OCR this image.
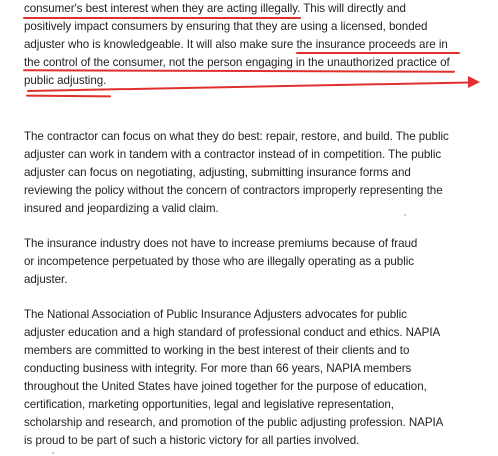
consumer's best interest when they are acting illegally. This will directly and
positively impact consumers by ensuring that they are using a licensed, bonded
adjuster who is knowledgeable. It will also make sure the insurance proceeds are in
the control of the consumer, not the person engaging in the unauthorized practice of
public adjusting.
The contractor can focus on what they do best: repair, restore, and build. The public
adjuster can work in tandem with a contractor instead of in competition. The public
adjuster can focus on negotiating, adjusting, submitting insurance forms and
reviewing the policy without the concern of contractors improperly representing the
insured and jeopardizing a valid claim.
The insurance industry does not have to increase premiums because of fraud
or incompetence perpetuated by those who are illegally operating as a public
adjuster.
The National Association of Public Insurance Adjusters advocates for public
adjuster education and a high standard of professional conduct and ethics. NAPIA
members are committed to working in the best interest of their clients and to
conducting business with integrity. For more than 66 years, NAPIA members
throughout the United States have joined together for the purpose of education,
certification, marketing opportunities, legal and legislative representation,
scholarship and research, and promotion of the public adjusting profession. NAPIA
is proud to be part of such a historic victory for all parties involved.
